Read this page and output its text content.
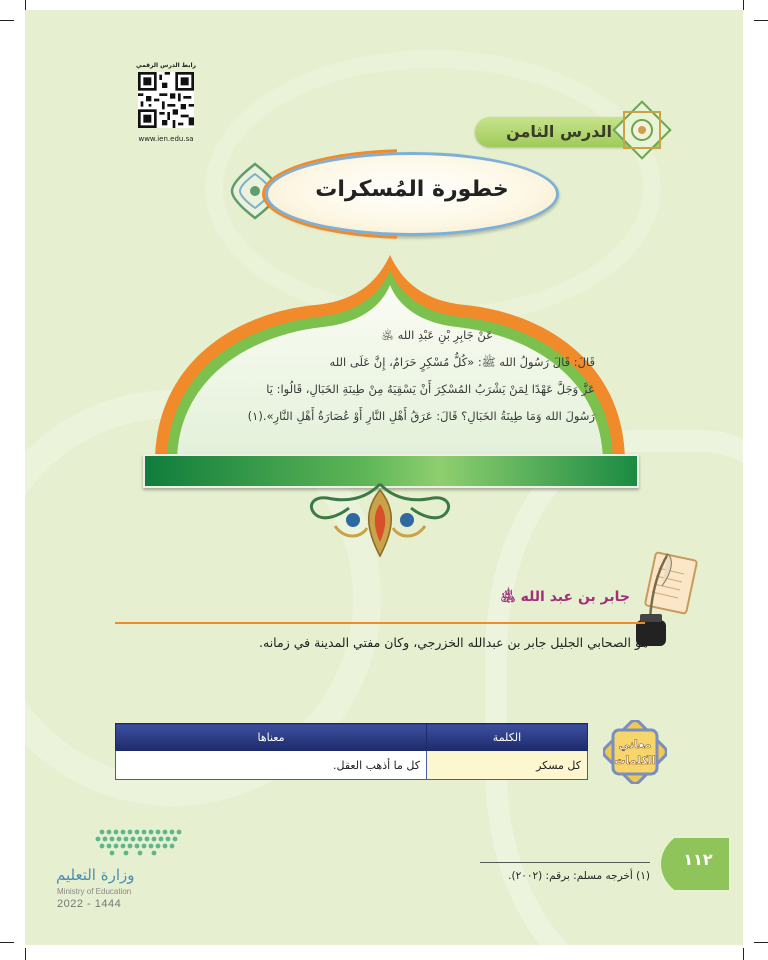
رابط الدرس الرقمي
www.ien.edu.sa	الدرس الثامن
خطورة المُسكرات

عَنْ جَابِرِ بْنِ عَبْدِ الله ﵁

قَالَ: قَالَ رَسُولُ الله ﷺ: «كُلُّ مُسْكِرٍ حَرَامٌ، إِنَّ عَلَى الله

عَزَّ وَجَلَّ عَهْدًا لِمَنْ يَشْرَبُ المُسْكِرَ أَنْ يَسْقِيَهُ مِنْ طِينَةِ الخَبَالِ، قَالُوا: يَا

رَسُولَ الله وَمَا طِينَةُ الخَبَالِ؟ قَالَ: عَرَقُ أَهْلِ النَّارِ أَوْ عُصَارَةُ أَهْلِ النَّارِ».(١)

جابر بن عبد الله ﵁
هو الصحابي الجليل جابر بن عبدالله الخزرجي، وكان مفتي المدينة في زمانه.
معاني
الكلمات
الكلمة	معناها
كل مسكر	كل ما أذهب العقل.
(١) أخرجه مسلم: برقم: (٢٠٠٢).
١١٢
وزارة التعليم
Ministry of Education
2022 - 1444
